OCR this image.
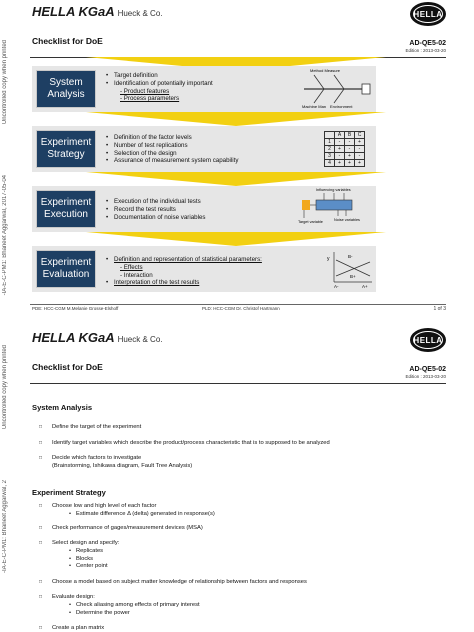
Uncontrolled copy when printed
-IA-E-C-PM1: Bhaneet Aggarwal, 2017-05-04
Uncontrolled copy when printed
-IA-E-C-PM1: Bhaneet Aggarwal, 2
HELLA KGaA Hueck & Co.	HELLA
Checklist for DoE	AD-QE5-02
Edition : 2013-03-20
System Analysis
• Target definition
• Identification of potentially important
- Product features
- Process parameters
Method Measure
Machine Man Environment
Experiment Strategy
• Definition of the factor levels
• Number of test replications
• Selection of the design
• Assurance of measurement system capability
	A	B	C
1	-	-	+
2	+	-	-
3	-	+	-
4	+	+	+
Experiment Execution
• Execution of the individual tests
• Record the test results
• Documentation of noise variables
Influencing variables
Target variable	Noise variables
Experiment Evaluation
• Definition and representation of statistical parameters:
- Effects
- Interaction
• Interpretation of the test results
y	B-
B+
A-	A+
PDE: HCC-CGM M.Melanie Grosse-Elshoff	PLD: HCC-CGM Dr. Christof Hartmann	1 of 3
HELLA KGaA Hueck & Co.	HELLA
Checklist for DoE	AD-QE5-02
Edition : 2013-03-20
System Analysis
□ Define the target of the experiment
□ Identify target variables which describe the product/process characteristic that is to supposed to be analyzed
□ Decide which factors to investigate
(Brainstorming, Ishikawa diagram, Fault Tree Analysis)
Experiment Strategy
□ Choose low and high level of each factor
• Estimate difference Δ (delta) generated in response(s)
□ Check performance of gages/measurement devices (MSA)
□ Select design and specify:
• Replicates
• Blocks
• Center point
□ Choose a model based on subject matter knowledge of relationship between factors and responses
□ Evaluate design:
• Check aliasing among effects of primary interest
• Determine the power
□ Create a plan matrix
